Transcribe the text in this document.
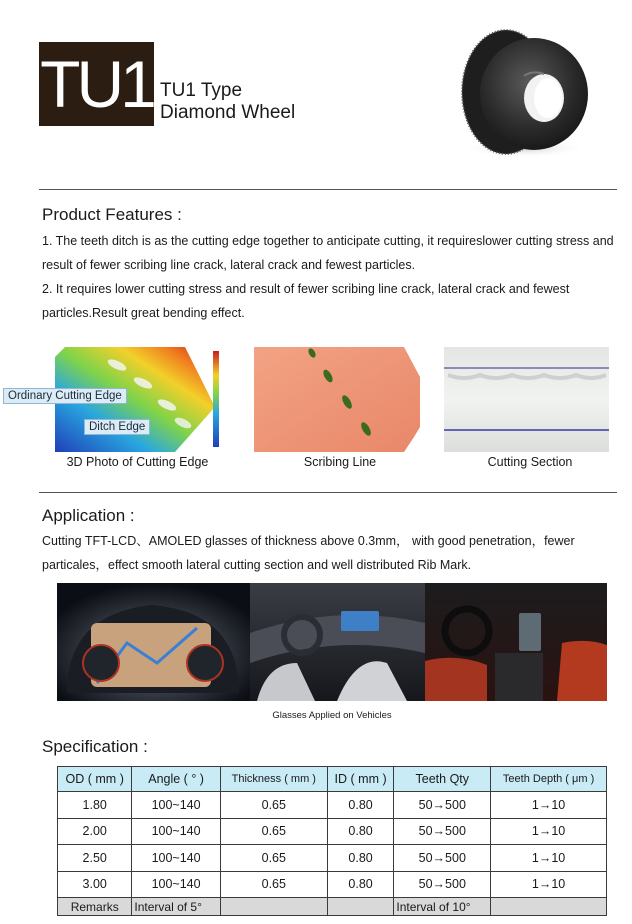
TU1 TU1 Type
Diamond Wheel
Product Features :
1. The teeth ditch is as the cutting edge together to anticipate cutting, it requireslower cutting stress and result of fewer scribing line crack, lateral crack and fewest particles.
2. It requires lower cutting stress and result of fewer scribing line crack, lateral crack and fewest particles.Result great bending effect.
Ordinary Cutting Edge
Ditch Edge
3D Photo of Cutting Edge	Scribing Line	Cutting Section
Application :
Cutting TFT-LCD、AMOLED glasses of thickness above 0.3mm， with good penetration，fewer particales，effect smooth lateral cutting section and well distributed Rib Mark.
Glasses Applied on Vehicles
Specification :
OD ( mm )	Angle ( ° )	Thickness ( mm )	ID ( mm )	Teeth Qty	Teeth Depth ( μm )
1.80	100~140	0.65	0.80	50→500	1→10
2.00	100~140	0.65	0.80	50→500	1→10
2.50	100~140	0.65	0.80	50→500	1→10
3.00	100~140	0.65	0.80	50→500	1→10
Remarks	Interval of 5°			Interval of 10°	
